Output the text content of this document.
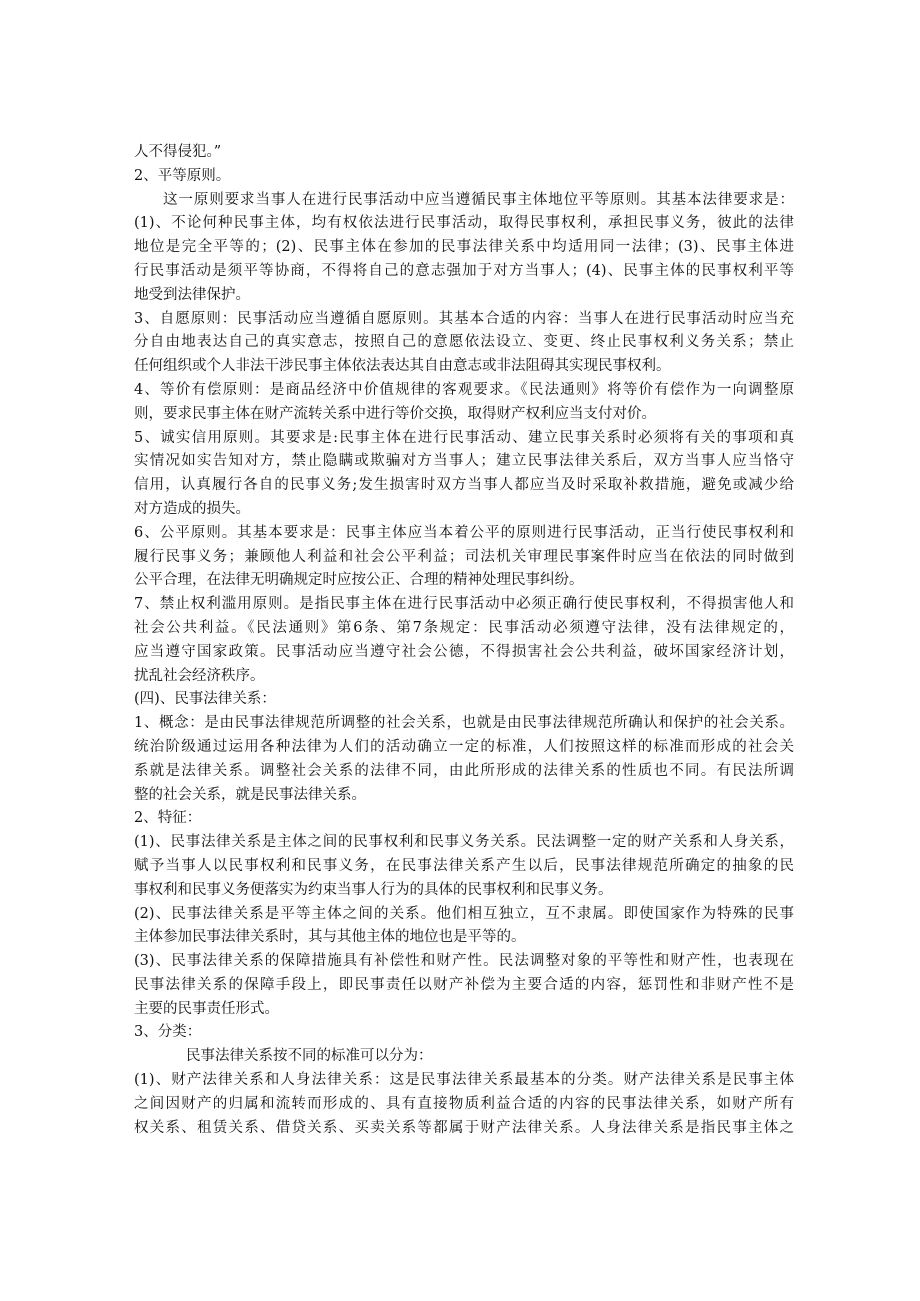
人不得侵犯。”
2、平等原则。
这一原则要求当事人在进行民事活动中应当遵循民事主体地位平等原则。其基本法律要求是：
(1)、不论何种民事主体，均有权依法进行民事活动，取得民事权利，承担民事义务，彼此的法律
地位是完全平等的；(2)、民事主体在参加的民事法律关系中均适用同一法律；(3)、民事主体进
行民事活动是须平等协商，不得将自己的意志强加于对方当事人；(4)、民事主体的民事权利平等
地受到法律保护。
3、自愿原则：民事活动应当遵循自愿原则。其基本合适的内容：当事人在进行民事活动时应当充
分自由地表达自己的真实意志，按照自己的意愿依法设立、变更、终止民事权利义务关系；禁止
任何组织或个人非法干涉民事主体依法表达其自由意志或非法阻碍其实现民事权利。
4、等价有偿原则：是商品经济中价值规律的客观要求。《民法通则》将等价有偿作为一向调整原
则，要求民事主体在财产流转关系中进行等价交换，取得财产权利应当支付对价。
5、诚实信用原则。其要求是:民事主体在进行民事活动、建立民事关系时必须将有关的事项和真
实情况如实告知对方，禁止隐瞒或欺骗对方当事人；建立民事法律关系后，双方当事人应当恪守
信用，认真履行各自的民事义务;发生损害时双方当事人都应当及时采取补救措施，避免或减少给
对方造成的损失。
6、公平原则。其基本要求是：民事主体应当本着公平的原则进行民事活动，正当行使民事权利和
履行民事义务；兼顾他人利益和社会公平利益；司法机关审理民事案件时应当在依法的同时做到
公平合理，在法律无明确规定时应按公正、合理的精神处理民事纠纷。
7、禁止权利滥用原则。是指民事主体在进行民事活动中必须正确行使民事权利，不得损害他人和
社会公共利益。《民法通则》第6条、第7条规定：民事活动必须遵守法律，没有法律规定的，
应当遵守国家政策。民事活动应当遵守社会公德，不得损害社会公共利益，破坏国家经济计划，
扰乱社会经济秩序。
(四)、民事法律关系：
1、概念：是由民事法律规范所调整的社会关系，也就是由民事法律规范所确认和保护的社会关系。
统治阶级通过运用各种法律为人们的活动确立一定的标准，人们按照这样的标准而形成的社会关
系就是法律关系。调整社会关系的法律不同，由此所形成的法律关系的性质也不同。有民法所调
整的社会关系，就是民事法律关系。
2、特征：
(1)、民事法律关系是主体之间的民事权利和民事义务关系。民法调整一定的财产关系和人身关系，
赋予当事人以民事权利和民事义务，在民事法律关系产生以后，民事法律规范所确定的抽象的民
事权利和民事义务便落实为约束当事人行为的具体的民事权利和民事义务。
(2)、民事法律关系是平等主体之间的关系。他们相互独立，互不隶属。即使国家作为特殊的民事
主体参加民事法律关系时，其与其他主体的地位也是平等的。
(3)、民事法律关系的保障措施具有补偿性和财产性。民法调整对象的平等性和财产性，也表现在
民事法律关系的保障手段上，即民事责任以财产补偿为主要合适的内容，惩罚性和非财产性不是
主要的民事责任形式。
3、分类：
民事法律关系按不同的标准可以分为：
(1)、财产法律关系和人身法律关系：这是民事法律关系最基本的分类。财产法律关系是民事主体
之间因财产的归属和流转而形成的、具有直接物质利益合适的内容的民事法律关系，如财产所有
权关系、租赁关系、借贷关系、买卖关系等都属于财产法律关系。人身法律关系是指民事主体之
